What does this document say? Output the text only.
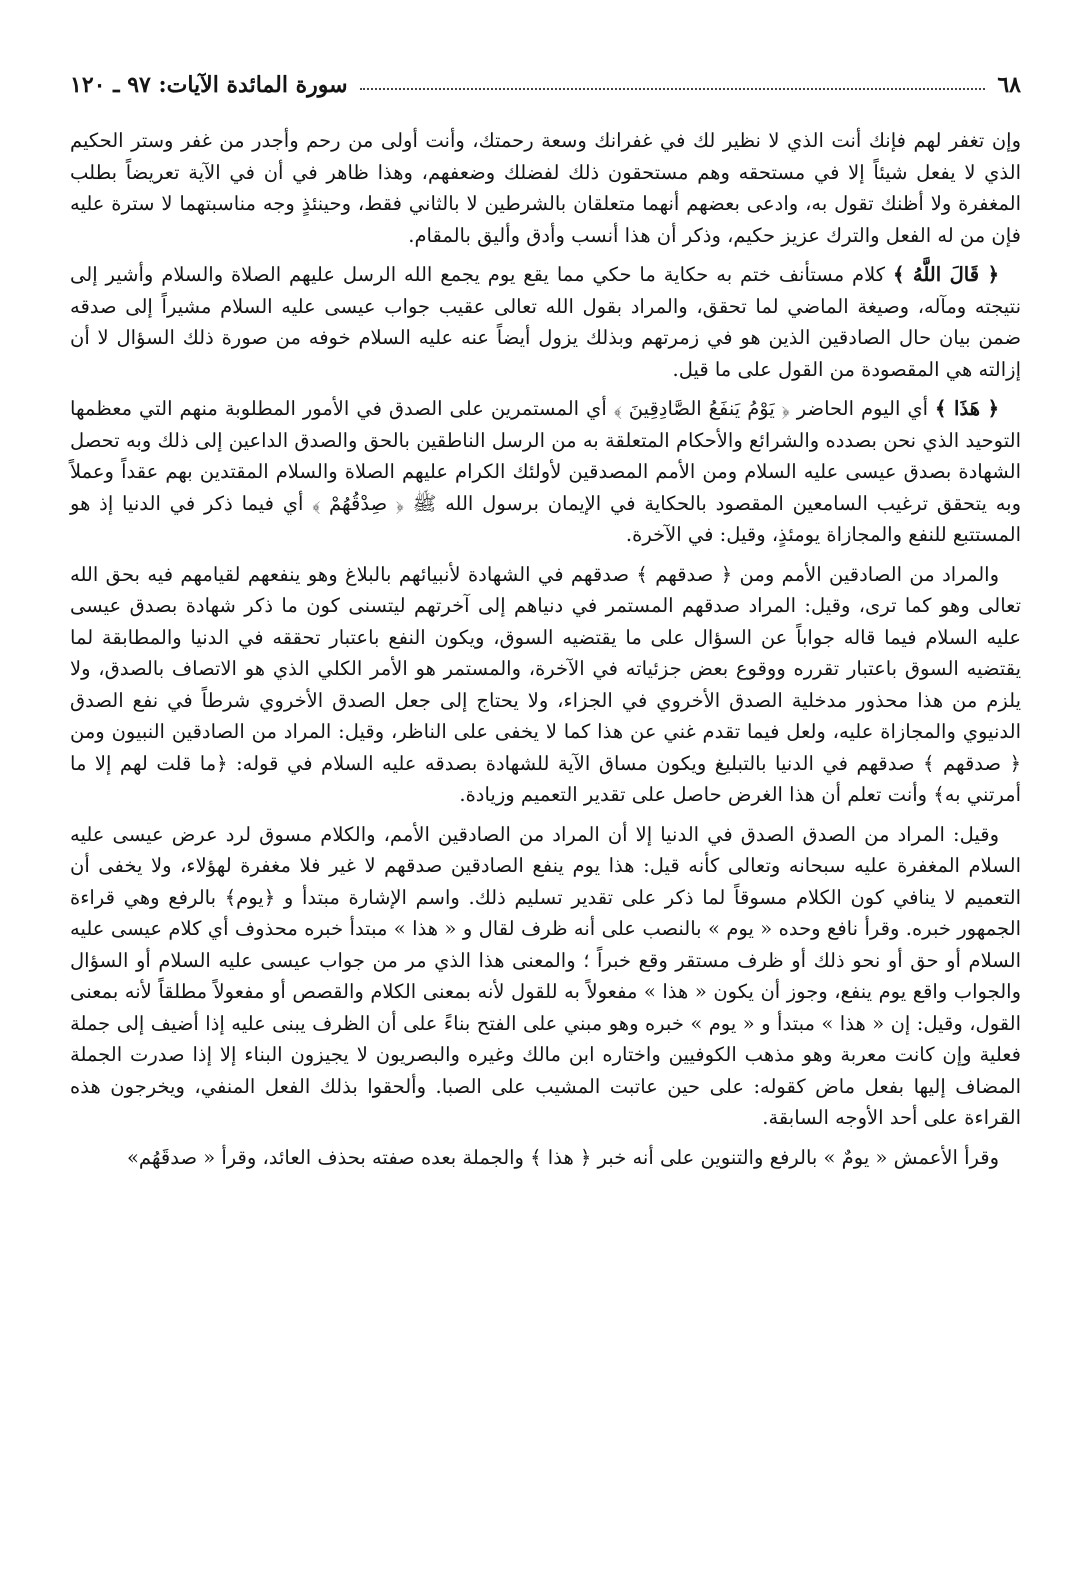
٦٨
سورة المائدة الآيات: ٩٧ ـ ١٢٠

وإن تغفر لهم فإنك أنت الذي لا نظير لك في غفرانك وسعة رحمتك، وأنت أولى من رحم وأجدر من غفر وستر الحكيم الذي لا يفعل شيئاً إلا في مستحقه وهم مستحقون ذلك لفضلك وضعفهم، وهذا ظاهر في أن في الآية تعريضاً بطلب المغفرة ولا أظنك تقول به، وادعى بعضهم أنهما متعلقان بالشرطين لا بالثاني فقط، وحينئذٍ وجه مناسبتهما لا سترة عليه فإن من له الفعل والترك عزيز حكيم، وذكر أن هذا أنسب وأدق وأليق بالمقام.

﴿ قَالَ اللَّهُ ﴾ كلام مستأنف ختم به حكاية ما حكي مما يقع يوم يجمع الله الرسل عليهم الصلاة والسلام وأشير إلى نتيجته ومآله، وصيغة الماضي لما تحقق، والمراد بقول الله تعالى عقيب جواب عيسى عليه السلام مشيراً إلى صدقه ضمن بيان حال الصادقين الذين هو في زمرتهم وبذلك يزول أيضاً عنه عليه السلام خوفه من صورة ذلك السؤال لا أن إزالته هي المقصودة من القول على ما قيل.

﴿ هَذَا ﴾ أي اليوم الحاضر ﴿ يَوْمُ يَنفَعُ الصَّادِقِينَ ﴾ أي المستمرين على الصدق في الأمور المطلوبة منهم التي معظمها التوحيد الذي نحن بصدده والشرائع والأحكام المتعلقة به من الرسل الناطقين بالحق والصدق الداعين إلى ذلك وبه تحصل الشهادة بصدق عيسى عليه السلام ومن الأمم المصدقين لأولئك الكرام عليهم الصلاة والسلام المقتدين بهم عقداً وعملاً وبه يتحقق ترغيب السامعين المقصود بالحكاية في الإيمان برسول الله ﷺ ﴿ صِدْقُهُمْ ﴾ أي فيما ذكر في الدنيا إذ هو المستتبع للنفع والمجازاة يومئذٍ، وقيل: في الآخرة.

والمراد من الصادقين الأمم ومن ﴿ صدقهم ﴾ صدقهم في الشهادة لأنبيائهم بالبلاغ وهو ينفعهم لقيامهم فيه بحق الله تعالى وهو كما ترى، وقيل: المراد صدقهم المستمر في دنياهم إلى آخرتهم ليتسنى كون ما ذكر شهادة بصدق عيسى عليه السلام فيما قاله جواباً عن السؤال على ما يقتضيه السوق، ويكون النفع باعتبار تحققه في الدنيا والمطابقة لما يقتضيه السوق باعتبار تقرره ووقوع بعض جزئياته في الآخرة، والمستمر هو الأمر الكلي الذي هو الاتصاف بالصدق، ولا يلزم من هذا محذور مدخلية الصدق الأخروي في الجزاء، ولا يحتاج إلى جعل الصدق الأخروي شرطاً في نفع الصدق الدنيوي والمجازاة عليه، ولعل فيما تقدم غني عن هذا كما لا يخفى على الناظر، وقيل: المراد من الصادقين النبيون ومن ﴿ صدقهم ﴾ صدقهم في الدنيا بالتبليغ ويكون مساق الآية للشهادة بصدقه عليه السلام في قوله: ﴿ما قلت لهم إلا ما أمرتني به﴾ وأنت تعلم أن هذا الغرض حاصل على تقدير التعميم وزيادة.

وقيل: المراد من الصدق الصدق في الدنيا إلا أن المراد من الصادقين الأمم، والكلام مسوق لرد عرض عيسى عليه السلام المغفرة عليه سبحانه وتعالى كأنه قيل: هذا يوم ينفع الصادقين صدقهم لا غير فلا مغفرة لهؤلاء، ولا يخفى أن التعميم لا ينافي كون الكلام مسوقاً لما ذكر على تقدير تسليم ذلك. واسم الإشارة مبتدأ و ﴿يوم﴾ بالرفع وهي قراءة الجمهور خبره. وقرأ نافع وحده « يوم » بالنصب على أنه ظرف لقال و « هذا » مبتدأ خبره محذوف أي كلام عيسى عليه السلام أو حق أو نحو ذلك أو ظرف مستقر وقع خبراً ؛ والمعنى هذا الذي مر من جواب عيسى عليه السلام أو السؤال والجواب واقع يوم ينفع، وجوز أن يكون « هذا » مفعولاً به للقول لأنه بمعنى الكلام والقصص أو مفعولاً مطلقاً لأنه بمعنى القول، وقيل: إن « هذا » مبتدأ و « يوم » خبره وهو مبني على الفتح بناءً على أن الظرف يبنى عليه إذا أضيف إلى جملة فعلية وإن كانت معربة وهو مذهب الكوفيين واختاره ابن مالك وغيره والبصريون لا يجيزون البناء إلا إذا صدرت الجملة المضاف إليها بفعل ماض كقوله: على حين عاتبت المشيب على الصبا. وألحقوا بذلك الفعل المنفي، ويخرجون هذه القراءة على أحد الأوجه السابقة.

وقرأ الأعمش « يومٌ » بالرفع والتنوين على أنه خبر ﴿ هذا ﴾ والجملة بعده صفته بحذف العائد، وقرأ « صدقَهُم»
